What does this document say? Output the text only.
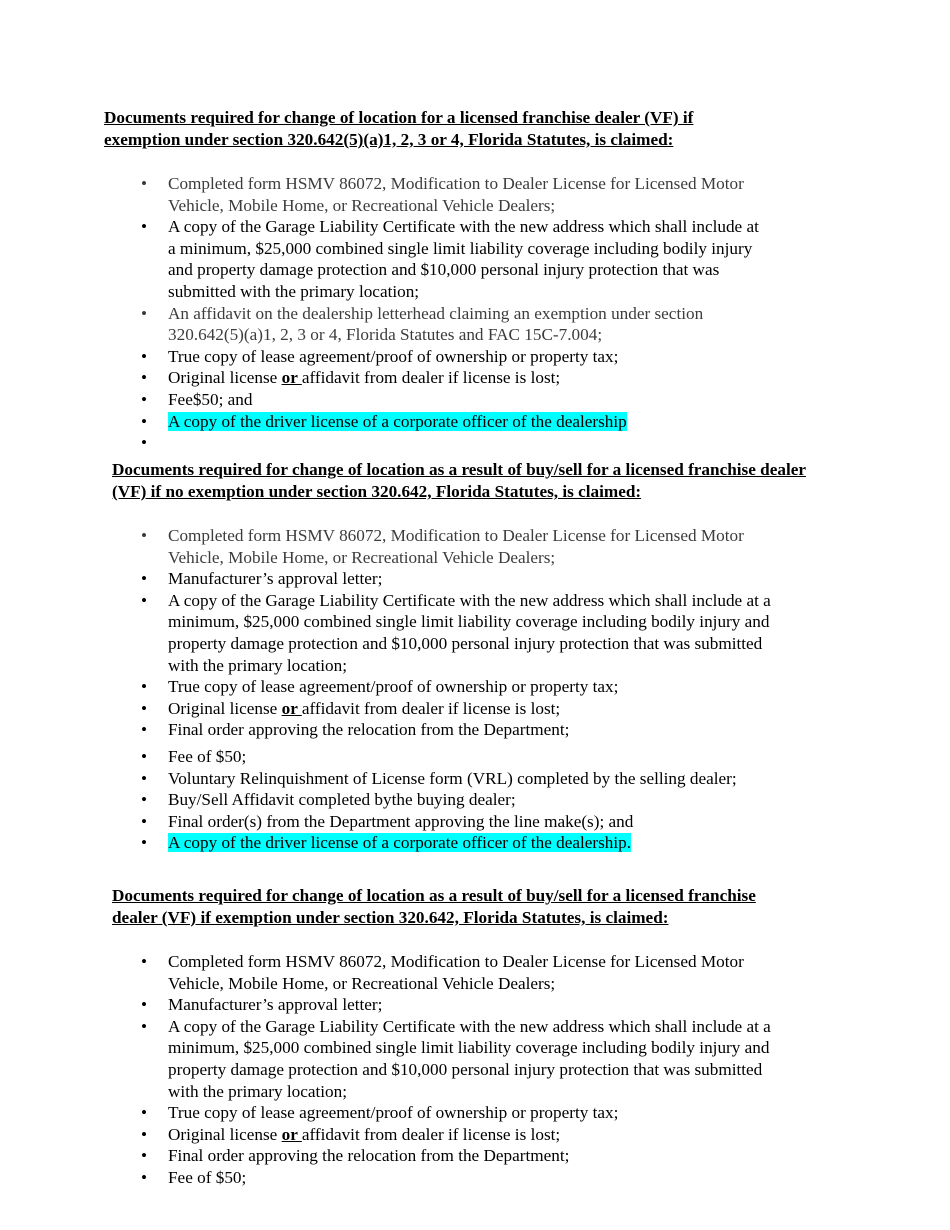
Documents required for change of location for a licensed franchise dealer (VF) if exemption under section 320.642(5)(a)1, 2, 3 or 4, Florida Statutes, is claimed:

•	Completed form HSMV 86072, Modification to Dealer License for Licensed Motor Vehicle, Mobile Home, or Recreational Vehicle Dealers;
•	A copy of the Garage Liability Certificate with the new address which shall include at a minimum, $25,000 combined single limit liability coverage including bodily injury and property damage protection and $10,000 personal injury protection that was submitted with the primary location;
•	An affidavit on the dealership letterhead claiming an exemption under section 320.642(5)(a)1, 2, 3 or 4, Florida Statutes and FAC 15C-7.004;
•	True copy of lease agreement/proof of ownership or property tax;
•	Original license or affidavit from dealer if license is lost;
•	Fee$50; and
•	A copy of the driver license of a corporate officer of the dealership
•

Documents required for change of location as a result of buy/sell for a licensed franchise dealer (VF) if no exemption under section 320.642, Florida Statutes, is claimed:

•	Completed form HSMV 86072, Modification to Dealer License for Licensed Motor Vehicle, Mobile Home, or Recreational Vehicle Dealers;
•	Manufacturer’s approval letter;
•	A copy of the Garage Liability Certificate with the new address which shall include at a minimum, $25,000 combined single limit liability coverage including bodily injury and property damage protection and $10,000 personal injury protection that was submitted with the primary location;
•	True copy of lease agreement/proof of ownership or property tax;
•	Original license or affidavit from dealer if license is lost;
•	Final order approving the relocation from the Department;
•	Fee of $50;
•	Voluntary Relinquishment of License form (VRL) completed by the selling dealer;
•	Buy/Sell Affidavit completed bythe buying dealer;
•	Final order(s) from the Department approving the line make(s); and
•	A copy of the driver license of a corporate officer of the dealership.

Documents required for change of location as a result of buy/sell for a licensed franchise dealer (VF) if exemption under section 320.642, Florida Statutes, is claimed:

•	Completed form HSMV 86072, Modification to Dealer License for Licensed Motor Vehicle, Mobile Home, or Recreational Vehicle Dealers;
•	Manufacturer’s approval letter;
•	A copy of the Garage Liability Certificate with the new address which shall include at a minimum, $25,000 combined single limit liability coverage including bodily injury and property damage protection and $10,000 personal injury protection that was submitted with the primary location;
•	True copy of lease agreement/proof of ownership or property tax;
•	Original license or affidavit from dealer if license is lost;
•	Final order approving the relocation from the Department;
•	Fee of $50;
